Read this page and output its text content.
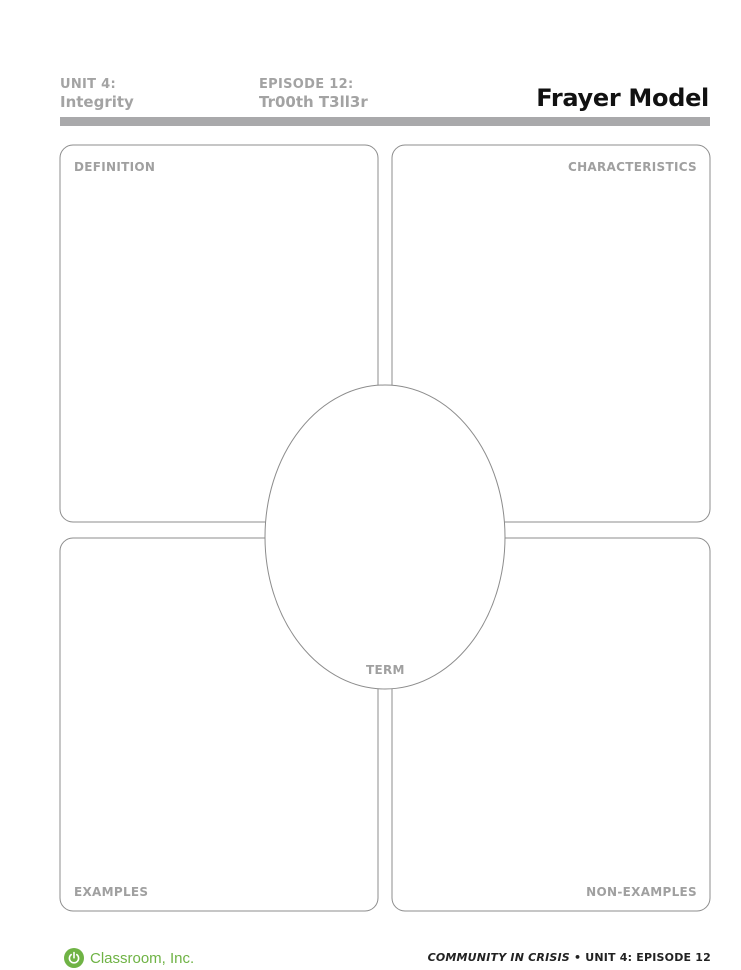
UNIT 4:
Integrity
EPISODE 12:
Tr00th T3ll3r	Frayer Model
DEFINITION	CHARACTERISTICS
EXAMPLES	NON-EXAMPLES
TERM
Classroom, Inc.	COMMUNITY IN CRISIS • UNIT 4: EPISODE 12
